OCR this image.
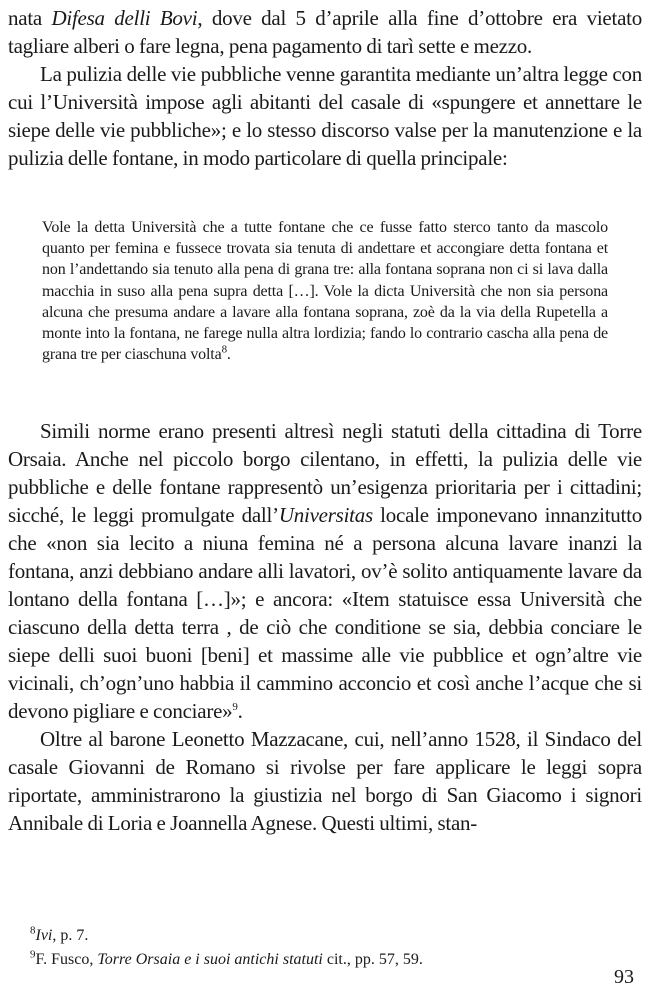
nata Difesa delli Bovi, dove dal 5 d’aprile alla fine d’ottobre era vietato tagliare alberi o fare legna, pena pagamento di tarì sette e mezzo.

La pulizia delle vie pubbliche venne garantita mediante un’altra legge con cui l’Università impose agli abitanti del casale di «spungere et annettare le siepe delle vie pubbliche»; e lo stesso discorso valse per la manutenzione e la pulizia delle fontane, in modo particolare di quella principale:

Vole la detta Università che a tutte fontane che ce fusse fatto sterco tanto da mascolo quanto per femina e fussece trovata sia tenuta di andettare et accongiare detta fontana et non l’andettando sia tenuto alla pena di grana tre: alla fontana soprana non ci si lava dalla macchia in suso alla pena supra detta […]. Vole la dicta Università che non sia persona alcuna che presuma andare a lavare alla fontana soprana, zoè da la via della Rupetella a monte into la fontana, ne farege nulla altra lordizia; fando lo contrario cascha alla pena de grana tre per ciaschuna volta$^8$.

Simili norme erano presenti altresì negli statuti della cittadina di Torre Orsaia. Anche nel piccolo borgo cilentano, in effetti, la pulizia delle vie pubbliche e delle fontane rappresentò un’esigenza prioritaria per i cittadini; sicché, le leggi promulgate dall’Universitas locale imponevano innanzitutto che «non sia lecito a niuna femina né a persona alcuna lavare inanzi la fontana, anzi debbiano andare alli lavatori, ov’è solito antiquamente lavare da lontano della fontana […]»; e ancora: «Item statuisce essa Università che ciascuno della detta terra , de ciò che conditione se sia, debbia conciare le siepe delli suoi buoni [beni] et massime alle vie pubblice et ogn’altre vie vicinali, ch’ogn’uno habbia il cammino acconcio et così anche l’acque che si devono pigliare e conciare»$^9$.

Oltre al barone Leonetto Mazzacane, cui, nell’anno 1528, il Sindaco del casale Giovanni de Romano si rivolse per fare applicare le leggi sopra riportate, amministrarono la giustizia nel borgo di San Giacomo i signori Annibale di Loria e Joannella Agnese. Questi ultimi, stan-

$^8$Ivi, p. 7.
$^9$F. Fusco, Torre Orsaia e i suoi antichi statuti cit., pp. 57, 59.
93
